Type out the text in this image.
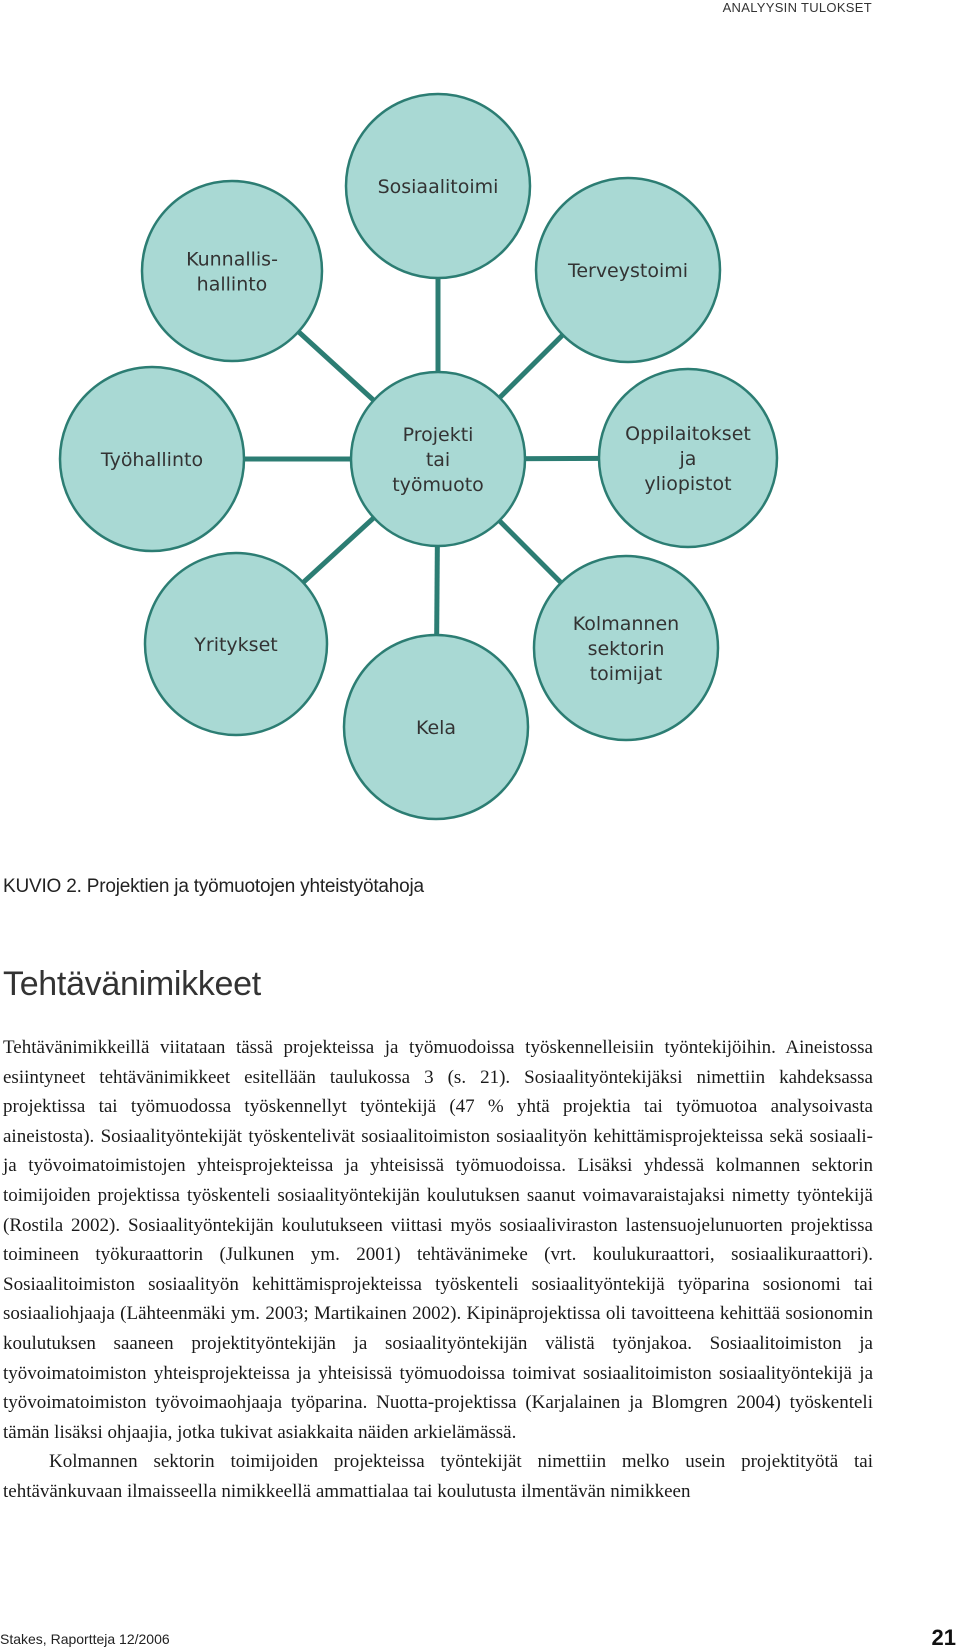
ANALYYSIN TULOKSET
Sosiaalitoimi
Terveystoimi
Oppilaitokset ja yliopistot
Kolmannen sektorin toimijat
Kela
Yritykset
Työhallinto
Kunnallis-hallinto
Projekti tai työmuoto
KUVIO 2. Projektien ja työmuotojen yhteistyötahoja
Tehtävänimikkeet

Tehtävänimikkeillä viitataan tässä projekteissa ja työmuodoissa työskennelleisiin työntekijöihin. Aineistossa esiintyneet tehtävänimikkeet esitellään taulukossa 3 (s. 21). Sosiaalityöntekijäksi nimettiin kahdeksassa projektissa tai työmuodossa työskennellyt työntekijä (47 % yhtä projektia tai työmuotoa analysoivasta aineistosta). Sosiaalityöntekijät työskentelivät sosiaalitoimiston sosiaalityön kehittämisprojekteissa sekä sosiaali- ja työvoimatoimistojen yhteisprojekteissa ja yhteisissä työmuodoissa. Lisäksi yhdessä kolmannen sektorin toimijoiden projektissa työskenteli sosiaalityöntekijän koulutuksen saanut voimavaraistajaksi nimetty työntekijä (Rostila 2002). Sosiaalityöntekijän koulutukseen viittasi myös sosiaaliviraston lastensuojelunuorten projektissa toimineen työkuraattorin (Julkunen ym. 2001) tehtävänimeke (vrt. koulukuraattori, sosiaalikuraattori). Sosiaalitoimiston sosiaalityön kehittämisprojekteissa työskenteli sosiaalityöntekijä työparina sosionomi tai sosiaaliohjaaja (Lähteenmäki ym. 2003; Martikainen 2002). Kipinäprojektissa oli tavoitteena kehittää sosionomin koulutuksen saaneen projektityöntekijän ja sosiaalityöntekijän välistä työnjakoa. Sosiaalitoimiston ja työvoimatoimiston yhteisprojekteissa ja yhteisissä työmuodoissa toimivat sosiaalitoimiston sosiaalityöntekijä ja työvoimatoimiston työvoimaohjaaja työparina. Nuotta-projektissa (Karjalainen ja Blomgren 2004) työskenteli tämän lisäksi ohjaajia, jotka tukivat asiakkaita näiden arkielämässä.

Kolmannen sektorin toimijoiden projekteissa työntekijät nimettiin melko usein projektityötä tai tehtävänkuvaan ilmaisseella nimikkeellä ammattialaa tai koulutusta ilmentävän nimikkeen

Stakes, Raportteja 12/2006	21
